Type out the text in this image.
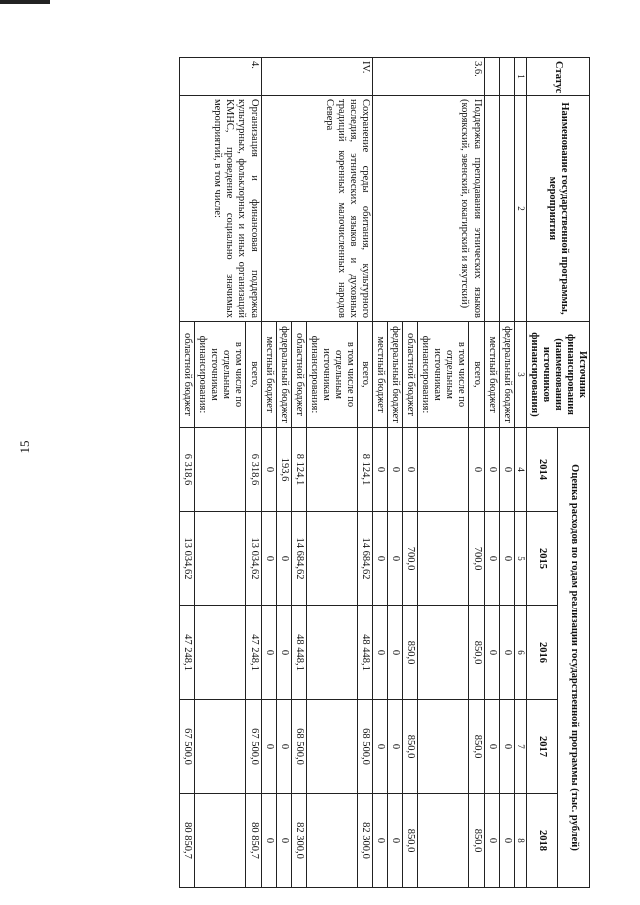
15
Статус	Наименование государственной программы, мероприятия	Источник финансирования (наименования источников финансирования)	Оценка расходов по годам реализации государственной программы (тыс. рублей)				
			2014	2015	2016	2017	2018
1	2	3	4	5	6	7	8
		федеральный бюджет	0	0	0	0	0
		местный бюджет	0	0	0	0	0
3.6.	Поддержка преподавания этнических языков (корякский, эвенский, юкагирский и якутский)	всего,	0	700,0	850,0	850,0	850,0
		в том числе по отдельным источникам финансирования:					
		областной бюджет	0	700,0	850,0	850,0	850,0
		федеральный бюджет	0	0	0	0	0
		местный бюджет	0	0	0	0	0
IV.	Сохранение среды обитания, культурного наследия, этнических языков и духовных традиций коренных малочисленных народов Севера	всего,	8 124,1	14 684,62	48 448,1	68 500,0	82 300,0
		в том числе по отдельным источникам финансирования:					
		областной бюджет	8 124,1	14 684,62	48 448,1	68 500,0	82 300,0
		федеральный бюджет	193,6	0	0	0	0
		местный бюджет	0	0	0	0	0
4.	Организация и финансовая поддержка культурных, фольклорных и иных организаций КМНС, проведение социально значимых мероприятий, в том числе:	всего,	6 318,6	13 034,62	47 248,1	67 500,0	80 850,7
		в том числе по отдельным источникам финансирования:					
		областной бюджет	6 318,6	13 034,62	47 248,1	67 500,0	80 850,7
